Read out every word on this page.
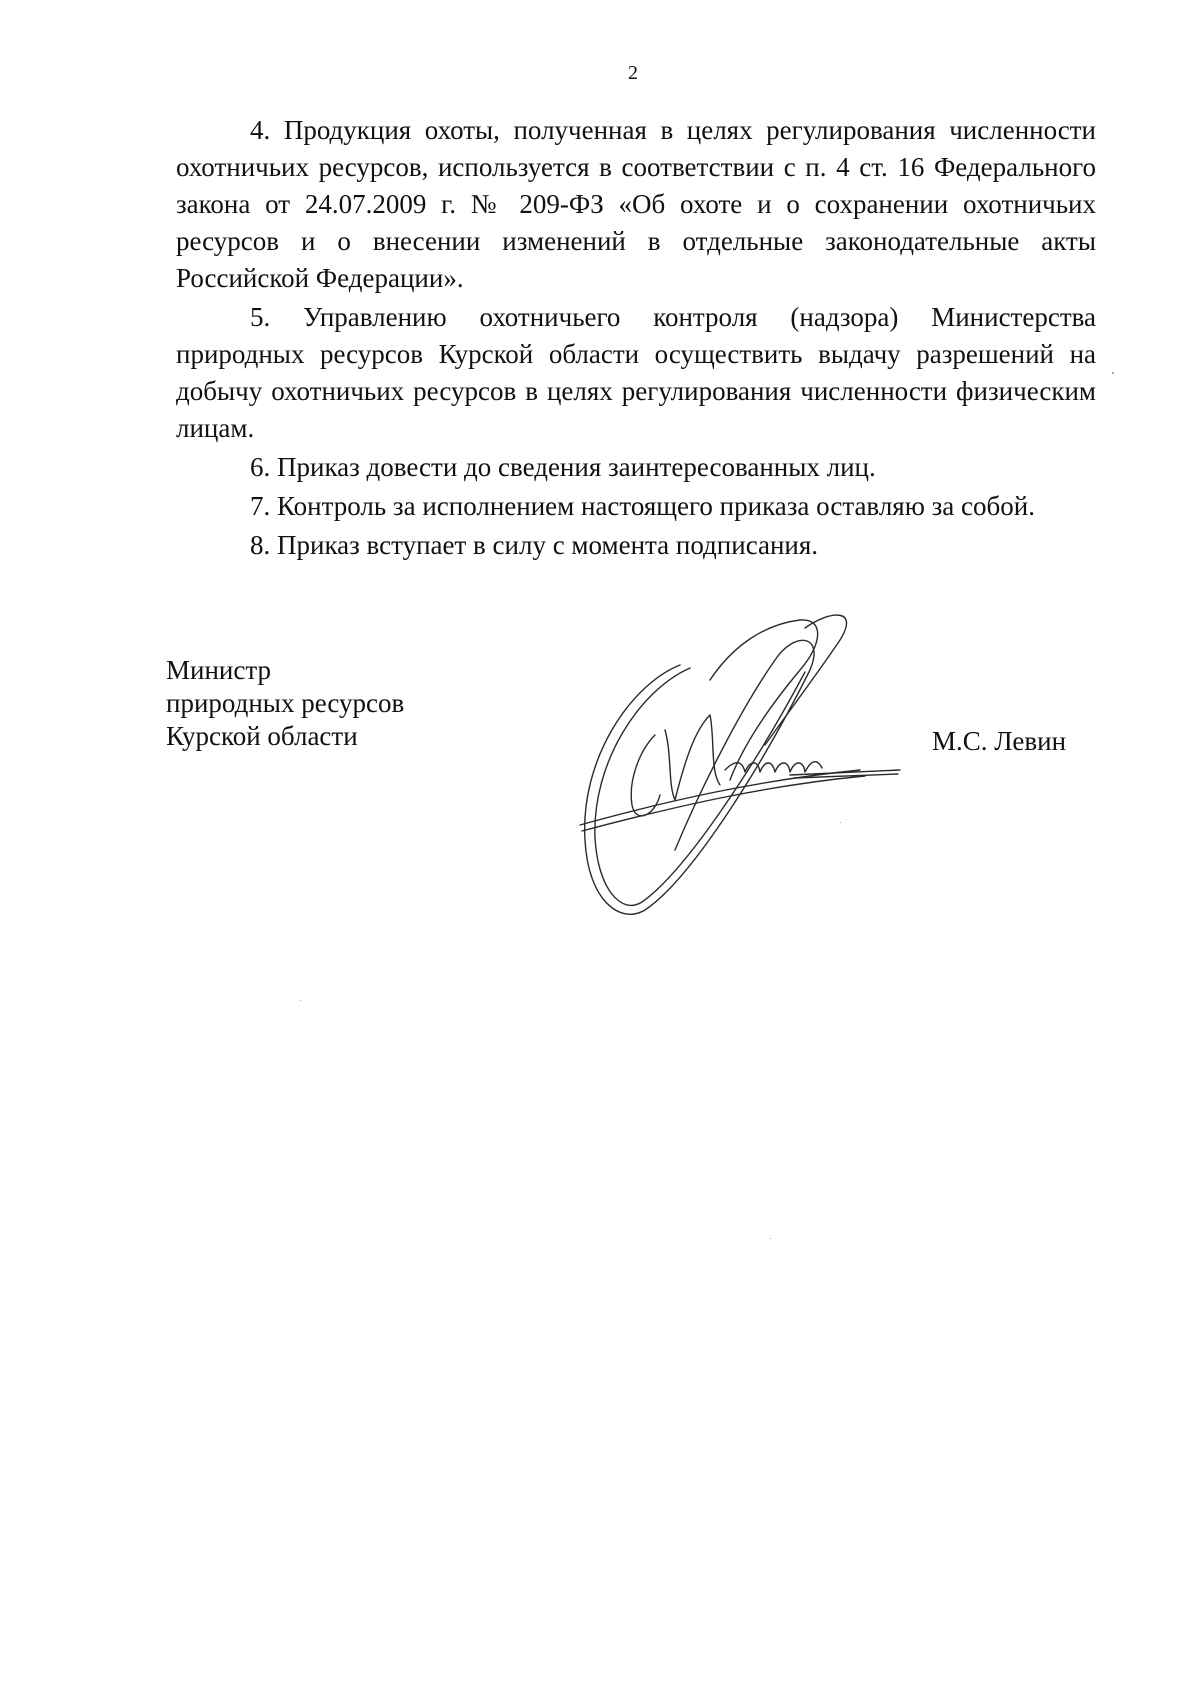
2

4. Продукция охоты, полученная в целях регулирования численности охотничьих ресурсов, используется в соответствии с п. 4 ст. 16 Федерального закона от 24.07.2009 г. № 209-ФЗ «Об охоте и о сохранении охотничьих ресурсов и о внесении изменений в отдельные законодательные акты Российской Федерации».

5. Управлению охотничьего контроля (надзора) Министерства природных ресурсов Курской области осуществить выдачу разрешений на добычу охотничьих ресурсов в целях регулирования численности физическим лицам.

6. Приказ довести до сведения заинтересованных лиц.

7. Контроль за исполнением настоящего приказа оставляю за собой.

8. Приказ вступает в силу с момента подписания.

Министр
природных ресурсов
Курской области	М.С. Левин
